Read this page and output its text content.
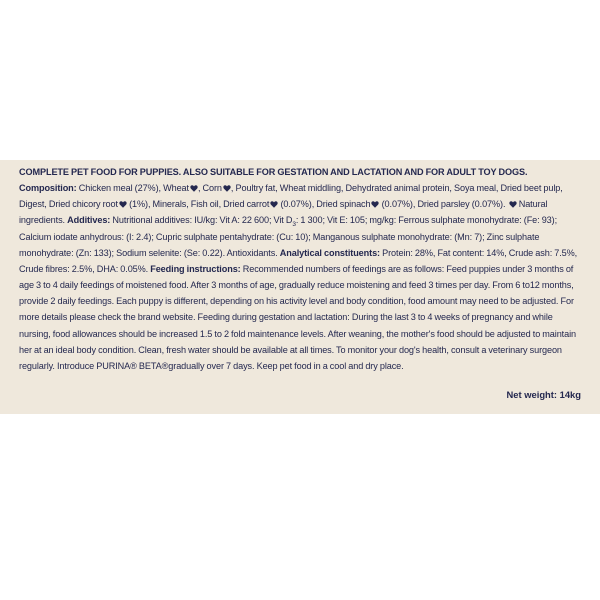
COMPLETE PET FOOD FOR PUPPIES. ALSO SUITABLE FOR GESTATION AND LACTATION AND FOR ADULT TOY DOGS. Composition: Chicken meal (27%), Wheat , Corn , Poultry fat, Wheat middling, Dehydrated animal protein, Soya meal, Dried beet pulp, Digest, Dried chicory root
(1%), Minerals, Fish oil, Dried carrot
(0.07%), Dried spinach
(0.07%), Dried parsley (0.07%).
Natural ingredients. Additives: Nutritional additives: IU/kg: Vit A: 22 600; Vit $D_3$: 1 300; Vit E: 105; mg/kg: Ferrous sulphate monohydrate: (Fe: 93); Calcium iodate anhydrous: (I: 2.4); Cupric sulphate pentahydrate: (Cu: 10); Manganous sulphate monohydrate: (Mn: 7); Zinc sulphate monohydrate: (Zn: 133); Sodium selenite: (Se: 0.22). Antioxidants. Analytical constituents: Protein: 28%, Fat content: 14%, Crude ash: 7.5%, Crude fibres: 2.5%, DHA: 0.05%. Feeding instructions: Recommended numbers of feedings are as follows: Feed puppies under 3 months of age 3 to 4 daily feedings of moistened food. After 3 months of age, gradually reduce moistening and feed 3 times per day. From 6 to12 months, provide 2 daily feedings. Each puppy is different, depending on his activity level and body condition, food amount may need to be adjusted. For more details please check the brand website. Feeding during gestation and lactation: During the last 3 to 4 weeks of pregnancy and while nursing, food allowances should be increased 1.5 to 2 fold maintenance levels. After weaning, the mother's food should be adjusted to maintain her at an ideal body condition. Clean, fresh water should be available at all times. To monitor your dog's health, consult a veterinary surgeon regularly. Introduce PURINA® BETA®gradually over 7 days. Keep pet food in a cool and dry place.
Net weight: 14kg
